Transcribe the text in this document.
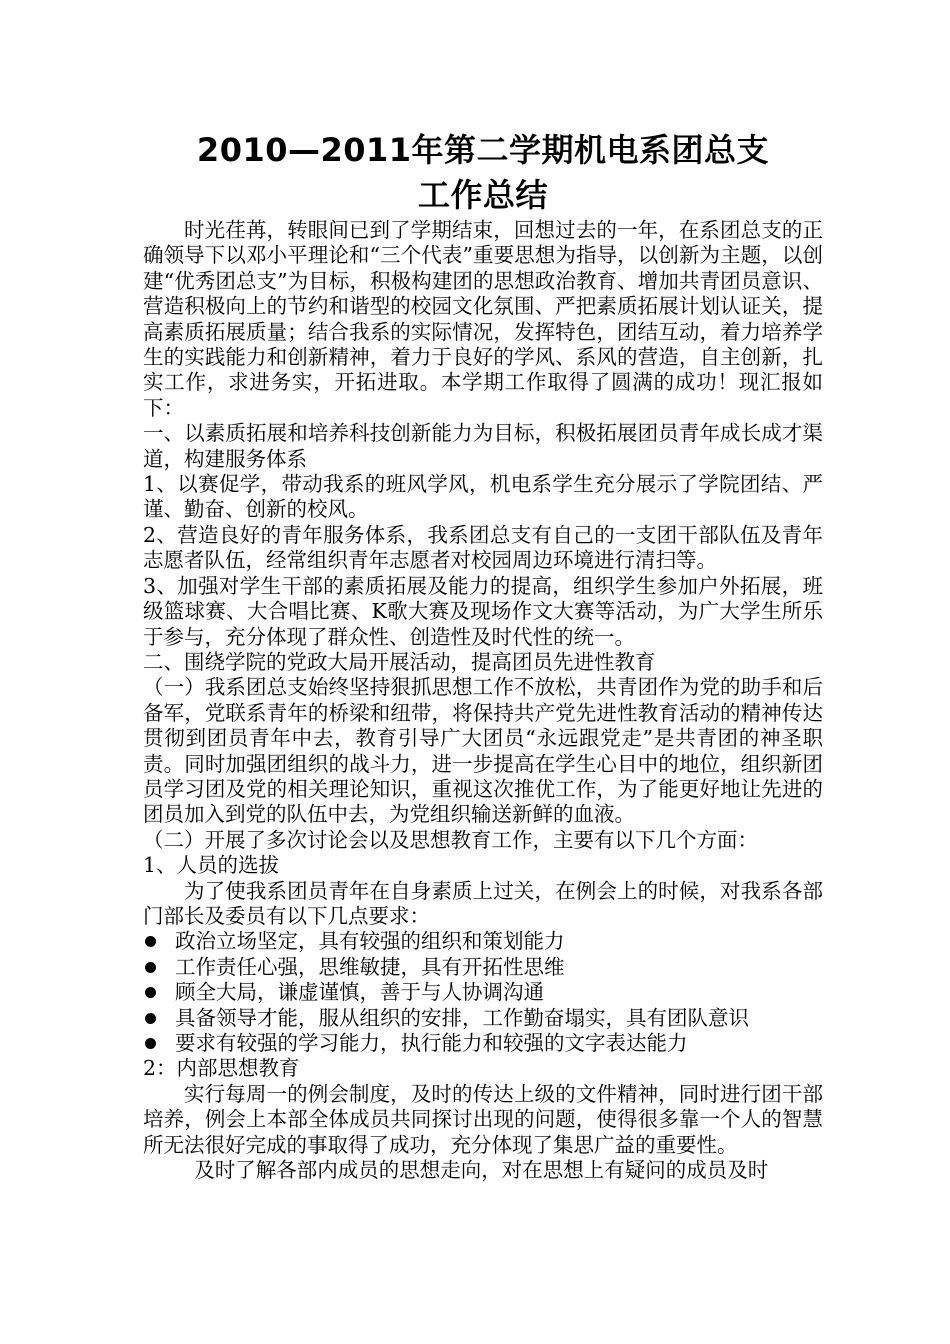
2010—2011年第二学期机电系团总支
工作总结

时光荏苒，转眼间已到了学期结束，回想过去的一年，在系团总支的正确领导下以邓小平理论和“三个代表”重要思想为指导，以创新为主题，以创建“优秀团总支”为目标，积极构建团的思想政治教育、增加共青团员意识、营造积极向上的节约和谐型的校园文化氛围、严把素质拓展计划认证关，提高素质拓展质量；结合我系的实际情况，发挥特色，团结互动，着力培养学生的实践能力和创新精神，着力于良好的学风、系风的营造，自主创新，扎实工作，求进务实，开拓进取。本学期工作取得了圆满的成功！现汇报如下：

一、以素质拓展和培养科技创新能力为目标，积极拓展团员青年成长成才渠道，构建服务体系

1、以赛促学，带动我系的班风学风，机电系学生充分展示了学院团结、严谨、勤奋、创新的校风。

2、营造良好的青年服务体系，我系团总支有自己的一支团干部队伍及青年志愿者队伍，经常组织青年志愿者对校园周边环境进行清扫等。

3、加强对学生干部的素质拓展及能力的提高，组织学生参加户外拓展，班级篮球赛、大合唱比赛、K歌大赛及现场作文大赛等活动，为广大学生所乐于参与，充分体现了群众性、创造性及时代性的统一。

二、围绕学院的党政大局开展活动，提高团员先进性教育

（一）我系团总支始终坚持狠抓思想工作不放松，共青团作为党的助手和后备军，党联系青年的桥梁和纽带，将保持共产党先进性教育活动的精神传达贯彻到团员青年中去，教育引导广大团员“永远跟党走”是共青团的神圣职责。同时加强团组织的战斗力，进一步提高在学生心目中的地位，组织新团员学习团及党的相关理论知识，重视这次推优工作，为了能更好地让先进的团员加入到党的队伍中去，为党组织输送新鲜的血液。

（二）开展了多次讨论会以及思想教育工作，主要有以下几个方面：

1、人员的选拔

为了使我系团员青年在自身素质上过关，在例会上的时候，对我系各部门部长及委员有以下几点要求：

政治立场坚定，具有较强的组织和策划能力
工作责任心强，思维敏捷，具有开拓性思维
顾全大局，谦虚谨慎，善于与人协调沟通
具备领导才能，服从组织的安排，工作勤奋塌实，具有团队意识
要求有较强的学习能力，执行能力和较强的文字表达能力

2：内部思想教育

实行每周一的例会制度，及时的传达上级的文件精神，同时进行团干部培养，例会上本部全体成员共同探讨出现的问题，使得很多靠一个人的智慧所无法很好完成的事取得了成功，充分体现了集思广益的重要性。

及时了解各部内成员的思想走向，对在思想上有疑问的成员及时
